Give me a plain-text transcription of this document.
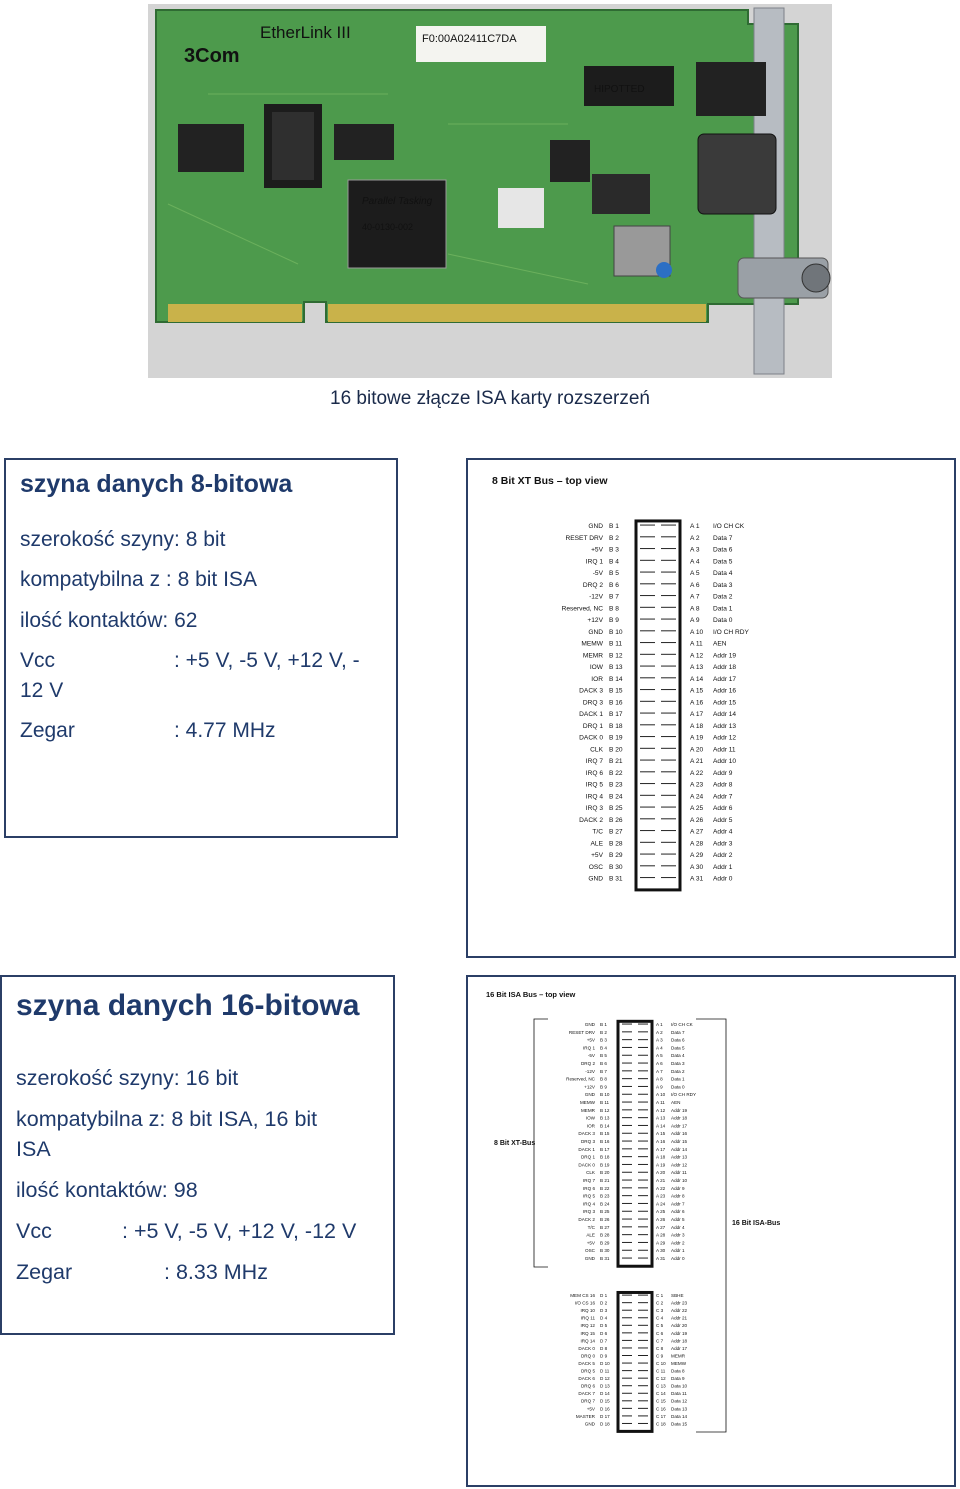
3Com
EtherLink III	F0:00A02411C7DA
Parallel Tasking
40-0130-002
HIPOTTED
16 bitowe złącze ISA karty rozszerzeń

szyna danych 8-bitowa

szerokość szyny: 8 bit

kompatybilna z : 8 bit ISA

ilość kontaktów: 62

Vcc	: +5 V, -5 V, +12 V, -

12 V

Zegar	: 4.77 MHz
8 Bit XT Bus – top view
GND B 1	A 1 I/O CH CK
RESET DRV B 2	A 2 Data 7
+5V B 3	A 3 Data 6
IRQ 1 B 4	A 4 Data 5
-5V B 5	A 5 Data 4
DRQ 2 B 6	A 6 Data 3
-12V B 7	A 7 Data 2
Reserved, NC B 8	A 8 Data 1
+12V B 9	A 9 Data 0
GND B 10	A 10 I/O CH RDY
MEMW B 11	A 11 AEN
MEMR B 12	A 12 Addr 19
IOW B 13	A 13 Addr 18
IOR B 14	A 14 Addr 17
DACK 3 B 15	A 15 Addr 16
DRQ 3 B 16	A 16 Addr 15
DACK 1 B 17	A 17 Addr 14
DRQ 1 B 18	A 18 Addr 13
DACK 0 B 19	A 19 Addr 12
CLK B 20	A 20 Addr 11
IRQ 7 B 21	A 21 Addr 10
IRQ 6 B 22	A 22 Addr 9
IRQ 5 B 23	A 23 Addr 8
IRQ 4 B 24	A 24 Addr 7
IRQ 3 B 25	A 25 Addr 6
DACK 2 B 26	A 26 Addr 5
T/C B 27	A 27 Addr 4
ALE B 28	A 28 Addr 3
+5V B 29	A 29 Addr 2
OSC B 30	A 30 Addr 1
GND B 31	A 31 Addr 0

szyna danych 16-bitowa

szerokość szyny: 16 bit

kompatybilna z: 8 bit ISA, 16 bit

ISA

ilość kontaktów: 98

Vcc	: +5 V, -5 V, +12 V, -12 V
Zegar	: 8.33 MHz
16 Bit ISA Bus – top view
8 Bit XT-Bus
16 Bit ISA-Bus
GND B 1	A 1 I/O CH CK
RESET DRV B 2	A 2 Data 7
+5V B 3	A 3 Data 6
IRQ 1 B 4	A 4 Data 5
-5V B 5	A 5 Data 4
DRQ 2 B 6	A 6 Data 3
-12V B 7	A 7 Data 2
Reserved, NC B 8	A 8 Data 1
+12V B 9	A 9 Data 0
GND B 10	A 10 I/O CH RDY
MEMW B 11	A 11 AEN
MEMR B 12	A 12 Addr 19
IOW B 13	A 13 Addr 18
IOR B 14	A 14 Addr 17
DACK 3 B 15	A 15 Addr 16
DRQ 3 B 16	A 16 Addr 15
DACK 1 B 17	A 17 Addr 14
DRQ 1 B 18	A 18 Addr 13
DACK 0 B 19	A 19 Addr 12
CLK B 20	A 20 Addr 11
IRQ 7 B 21	A 21 Addr 10
IRQ 6 B 22	A 22 Addr 9
IRQ 5 B 23	A 23 Addr 8
IRQ 4 B 24	A 24 Addr 7
IRQ 3 B 25	A 25 Addr 6
DACK 2 B 26	A 26 Addr 5
T/C B 27	A 27 Addr 4
ALE B 28	A 28 Addr 3
+5V B 29	A 29 Addr 2
OSC B 30	A 30 Addr 1
GND B 31	A 31 Addr 0
MEM CS 16 D 1	C 1 SBHE
I/O CS 16 D 2	C 2 Addr 23
IRQ 10 D 3	C 3 Addr 22
IRQ 11 D 4	C 4 Addr 21
IRQ 12 D 5	C 5 Addr 20
IRQ 15 D 6	C 6 Addr 19
IRQ 14 D 7	C 7 Addr 18
DACK 0 D 8	C 8 Addr 17
DRQ 0 D 9	C 9 MEMR
DACK 5 D 10	C 10 MEMW
DRQ 5 D 11	C 11 Data 8
DACK 6 D 12	C 12 Data 9
DRQ 6 D 13	C 13 Data 10
DACK 7 D 14	C 14 Data 11
DRQ 7 D 15	C 15 Data 12
+5V D 16	C 16 Data 13
MASTER D 17	C 17 Data 14
GND D 18	C 18 Data 15
